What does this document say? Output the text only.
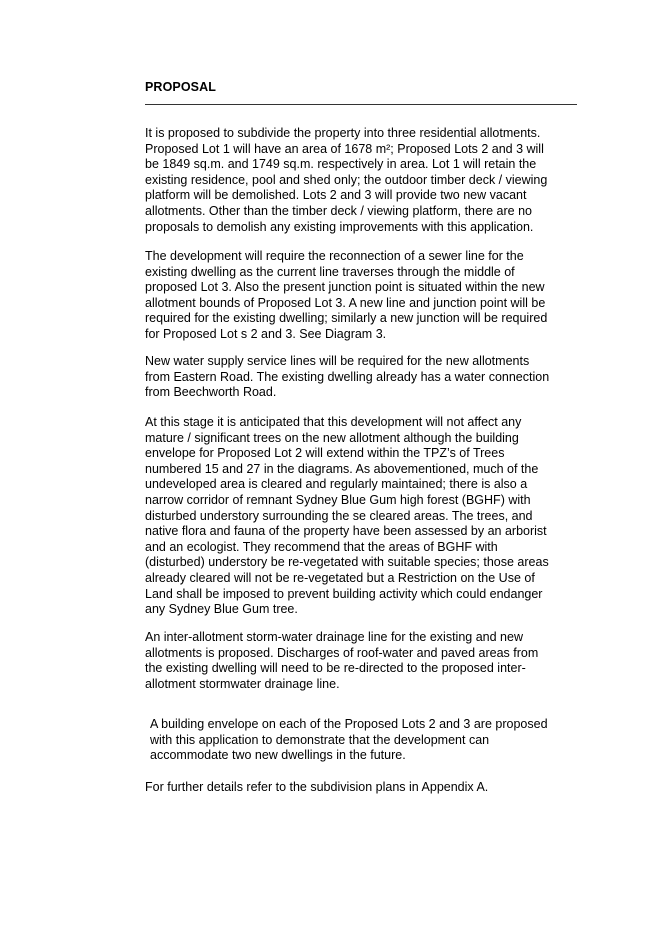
PROPOSAL
It is proposed to subdivide the property into three residential allotments.
Proposed Lot 1 will have an area of 1678 m²; Proposed Lots 2 and 3 will
be 1849 sq.m. and 1749 sq.m. respectively in area. Lot 1 will retain the
existing residence, pool and shed only; the outdoor timber deck / viewing
platform will be demolished. Lots 2 and 3 will provide two new vacant
allotments. Other than the timber deck / viewing platform, there are no
proposals to demolish any existing improvements with this application.
The development will require the reconnection of a sewer line for the
existing dwelling as the current line traverses through the middle of
proposed Lot 3. Also the present junction point is situated within the new
allotment bounds of Proposed Lot 3. A new line and junction point will be
required for the existing dwelling; similarly a new junction will be required
for Proposed Lot s 2 and 3. See Diagram 3.
New water supply service lines will be required for the new allotments
from Eastern Road. The existing dwelling already has a water connection
from Beechworth Road.
At this stage it is anticipated that this development will not affect any
mature / significant trees on the new allotment although the building
envelope for Proposed Lot 2 will extend within the TPZ’s of Trees
numbered 15 and 27 in the diagrams. As abovementioned, much of the
undeveloped area is cleared and regularly maintained; there is also a
narrow corridor of remnant Sydney Blue Gum high forest (BGHF) with
disturbed understory surrounding the se cleared areas. The trees, and
native flora and fauna of the property have been assessed by an arborist
and an ecologist. They recommend that the areas of BGHF with
(disturbed) understory be re-vegetated with suitable species; those areas
already cleared will not be re-vegetated but a Restriction on the Use of
Land shall be imposed to prevent building activity which could endanger
any Sydney Blue Gum tree.
An inter-allotment storm-water drainage line for the existing and new
allotments is proposed. Discharges of roof-water and paved areas from
the existing dwelling will need to be re-directed to the proposed inter-
allotment stormwater drainage line.
A building envelope on each of the Proposed Lots 2 and 3 are proposed
with this application to demonstrate that the development can
accommodate two new dwellings in the future.
For further details refer to the subdivision plans in Appendix A.
